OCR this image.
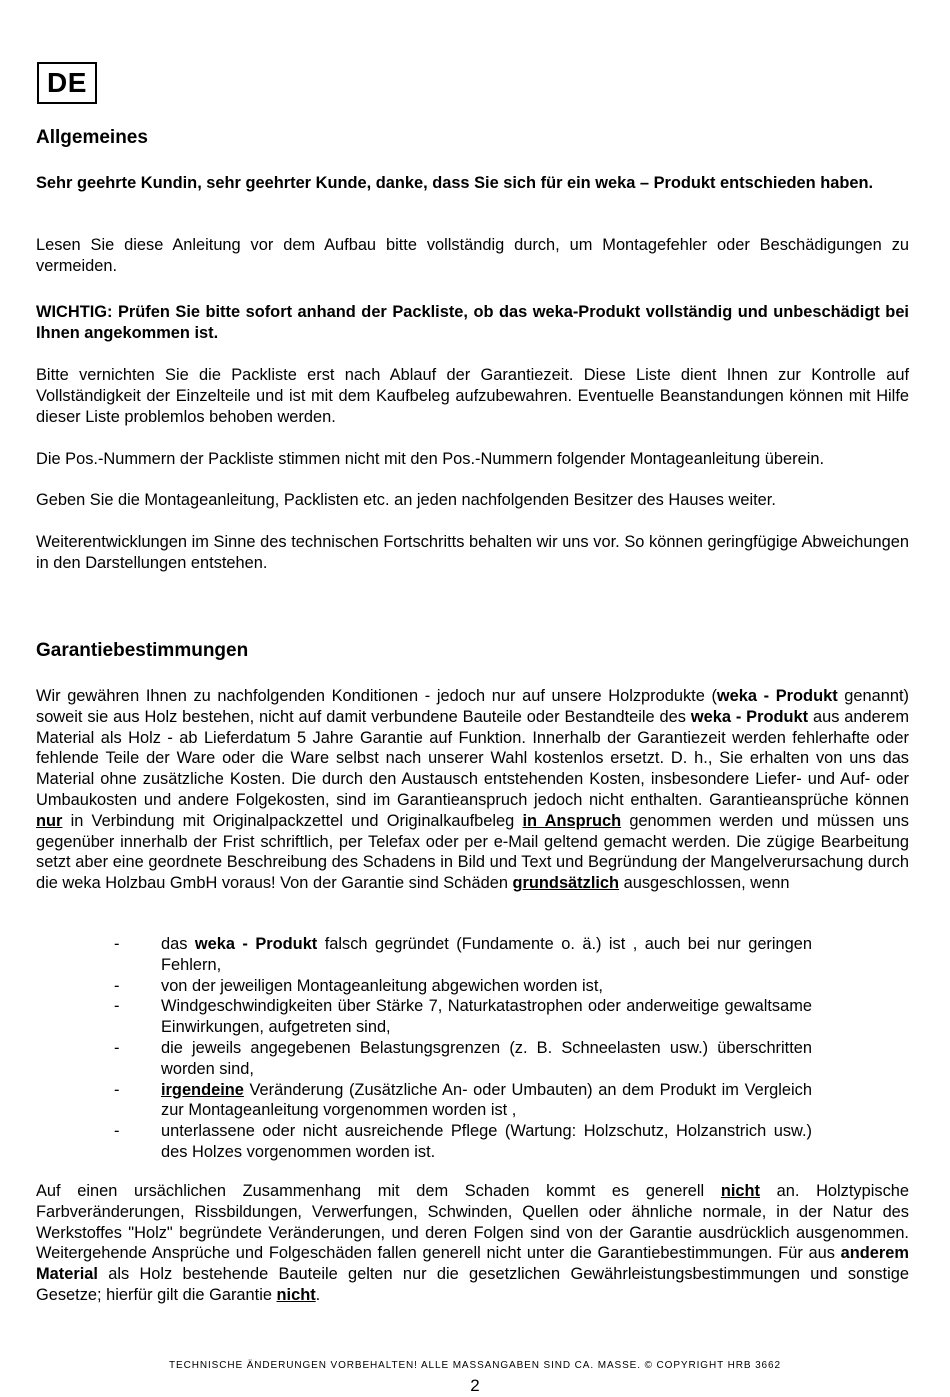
DE
Allgemeines

Sehr geehrte Kundin, sehr geehrter Kunde, danke, dass Sie sich für ein weka – Produkt entschieden haben.

Lesen Sie diese Anleitung vor dem Aufbau bitte vollständig durch, um Montagefehler oder Beschädigungen zu vermeiden.

WICHTIG: Prüfen Sie bitte sofort anhand der Packliste, ob das weka-Produkt vollständig und unbeschädigt bei Ihnen angekommen ist.

Bitte vernichten Sie die Packliste erst nach Ablauf der Garantiezeit. Diese Liste dient Ihnen zur Kontrolle auf Vollständigkeit der Einzelteile und ist mit dem Kaufbeleg aufzubewahren. Eventuelle Beanstandungen können mit Hilfe dieser Liste problemlos behoben werden.

Die Pos.-Nummern der Packliste stimmen nicht mit den Pos.-Nummern folgender Montageanleitung überein.

Geben Sie die Montageanleitung, Packlisten etc. an jeden nachfolgenden Besitzer des Hauses weiter.

Weiterentwicklungen im Sinne des technischen Fortschritts behalten wir uns vor. So können geringfügige Abweichungen in den Darstellungen entstehen.

Garantiebestimmungen

Wir gewähren Ihnen zu nachfolgenden Konditionen - jedoch nur auf unsere Holzprodukte (weka - Produkt genannt) soweit sie aus Holz bestehen, nicht auf damit verbundene Bauteile oder Bestandteile des weka - Produkt aus anderem Material als Holz - ab Lieferdatum 5 Jahre Garantie auf Funktion. Innerhalb der Garantiezeit werden fehlerhafte oder fehlende Teile der Ware oder die Ware selbst nach unserer Wahl kostenlos ersetzt. D. h., Sie erhalten von uns das Material ohne zusätzliche Kosten. Die durch den Austausch entstehenden Kosten, insbesondere Liefer- und Auf- oder Umbaukosten und andere Folgekosten, sind im Garantieanspruch jedoch nicht enthalten. Garantieansprüche können nur in Verbindung mit Originalpackzettel und Originalkaufbeleg in Anspruch genommen werden und müssen uns gegenüber innerhalb der Frist schriftlich, per Telefax oder per e-Mail geltend gemacht werden. Die zügige Bearbeitung setzt aber eine geordnete Beschreibung des Schadens in Bild und Text und Begründung der Mangelverursachung durch die weka Holzbau GmbH voraus! Von der Garantie sind Schäden grundsätzlich ausgeschlossen, wenn

- das weka - Produkt falsch gegründet (Fundamente o. ä.) ist , auch bei nur geringen Fehlern,
- von der jeweiligen Montageanleitung abgewichen worden ist,
- Windgeschwindigkeiten über Stärke 7, Naturkatastrophen oder anderweitige gewaltsame Einwirkungen, aufgetreten sind,
- die jeweils angegebenen Belastungsgrenzen (z. B. Schneelasten usw.) überschritten worden sind,
- irgendeine Veränderung (Zusätzliche An- oder Umbauten) an dem Produkt im Vergleich zur Montageanleitung vorgenommen worden ist ,
- unterlassene oder nicht ausreichende Pflege (Wartung: Holzschutz, Holzanstrich usw.) des Holzes vorgenommen worden ist.

Auf einen ursächlichen Zusammenhang mit dem Schaden kommt es generell nicht an. Holztypische Farbveränderungen, Rissbildungen, Verwerfungen, Schwinden, Quellen oder ähnliche normale, in der Natur des Werkstoffes "Holz" begründete Veränderungen, und deren Folgen sind von der Garantie ausdrücklich ausgenommen. Weitergehende Ansprüche und Folgeschäden fallen generell nicht unter die Garantiebestimmungen. Für aus anderem Material als Holz bestehende Bauteile gelten nur die gesetzlichen Gewährleistungsbestimmungen und sonstige Gesetze; hierfür gilt die Garantie nicht.

TECHNISCHE ÄNDERUNGEN VORBEHALTEN! ALLE MASSANGABEN SIND CA. MASSE. © COPYRIGHT HRB 3662
2
